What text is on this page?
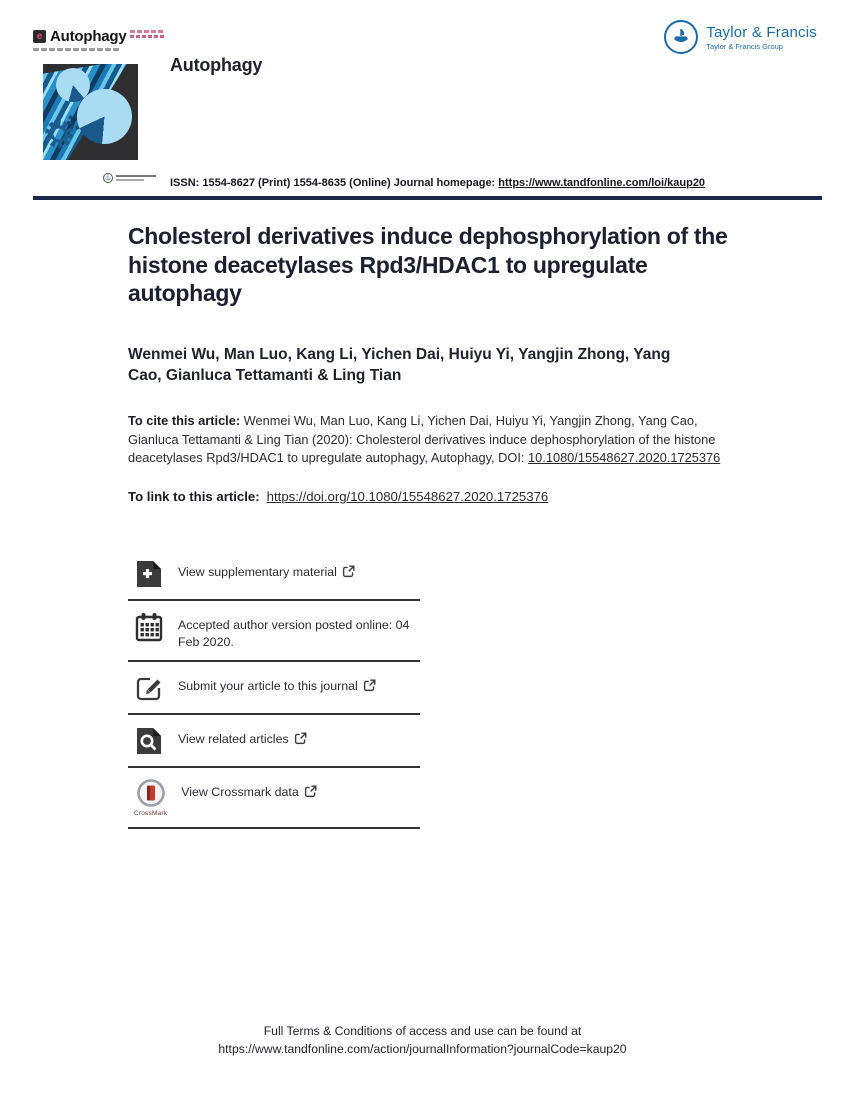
e Autophagy	Taylor & Francis
Taylor & Francis Group
⚓
Autophagy
ISSN: 1554-8627 (Print) 1554-8635 (Online) Journal homepage: https://www.tandfonline.com/loi/kaup20
Cholesterol derivatives induce dephosphorylation of the histone deacetylases Rpd3/HDAC1 to upregulate autophagy
Wenmei Wu, Man Luo, Kang Li, Yichen Dai, Huiyu Yi, Yangjin Zhong, Yang Cao, Gianluca Tettamanti & Ling Tian
To cite this article: Wenmei Wu, Man Luo, Kang Li, Yichen Dai, Huiyu Yi, Yangjin Zhong, Yang Cao, Gianluca Tettamanti & Ling Tian (2020): Cholesterol derivatives induce dephosphorylation of the histone deacetylases Rpd3/HDAC1 to upregulate autophagy, Autophagy, DOI: 10.1080/15548627.2020.1725376
To link to this article: https://doi.org/10.1080/15548627.2020.1725376
View supplementary material
Accepted author version posted online: 04 Feb 2020.
Submit your article to this journal
View related articles
CrossMark
View Crossmark data
Full Terms & Conditions of access and use can be found at
https://www.tandfonline.com/action/journalInformation?journalCode=kaup20
